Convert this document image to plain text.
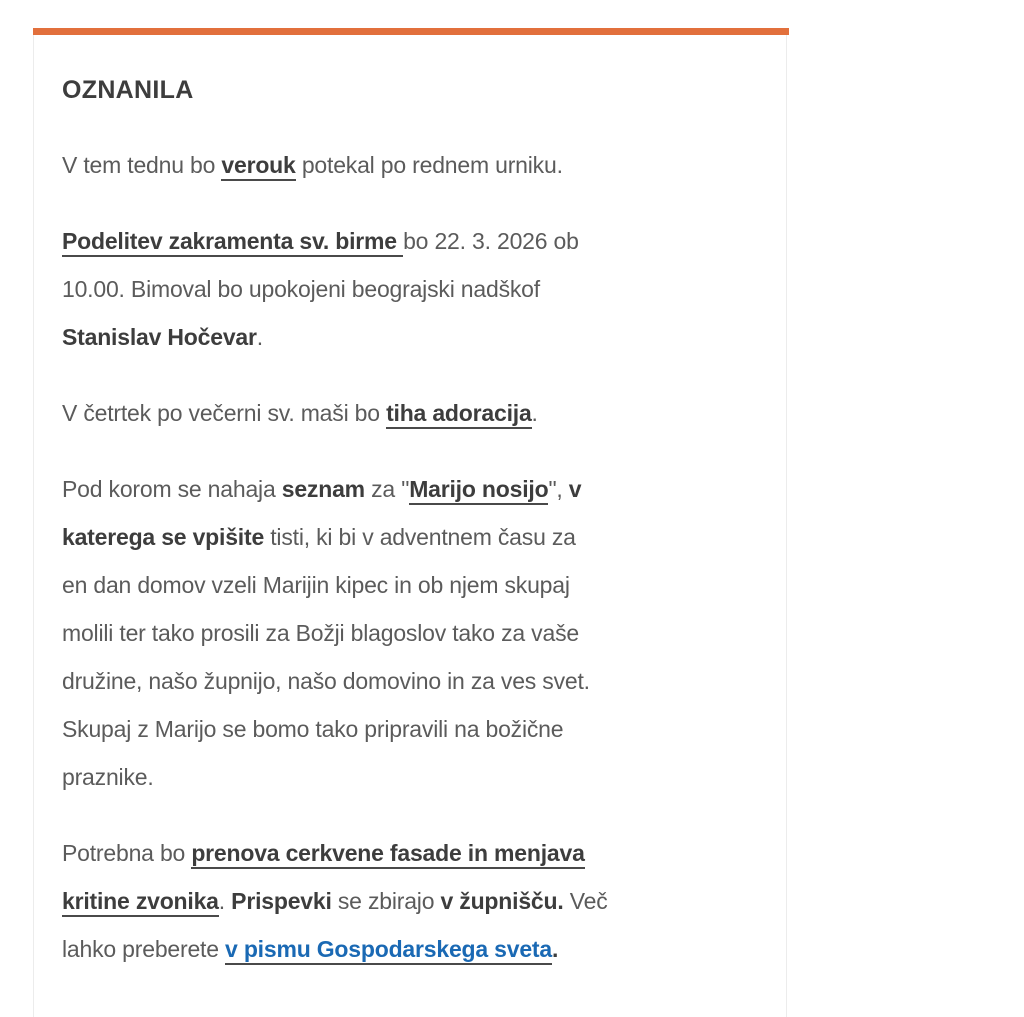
OZNANILA

V tem tednu bo verouk potekal po rednem urniku.

Podelitev zakramenta sv. birme bo 22. 3. 2026 ob
10.00. Bimoval bo upokojeni beograjski nadškof
Stanislav Hočevar.

V četrtek po večerni sv. maši bo tiha adoracija.

Pod korom se nahaja seznam za "Marijo nosijo", v
katerega se vpišite tisti, ki bi v adventnem času za
en dan domov vzeli Marijin kipec in ob njem skupaj
molili ter tako prosili za Božji blagoslov tako za vaše
družine, našo župnijo, našo domovino in za ves svet.
Skupaj z Marijo se bomo tako pripravili na božične
praznike.

Potrebna bo prenova cerkvene fasade in menjava
kritine zvonika. Prispevki se zbirajo v župnišču. Več
lahko preberete v pismu Gospodarskega sveta.
